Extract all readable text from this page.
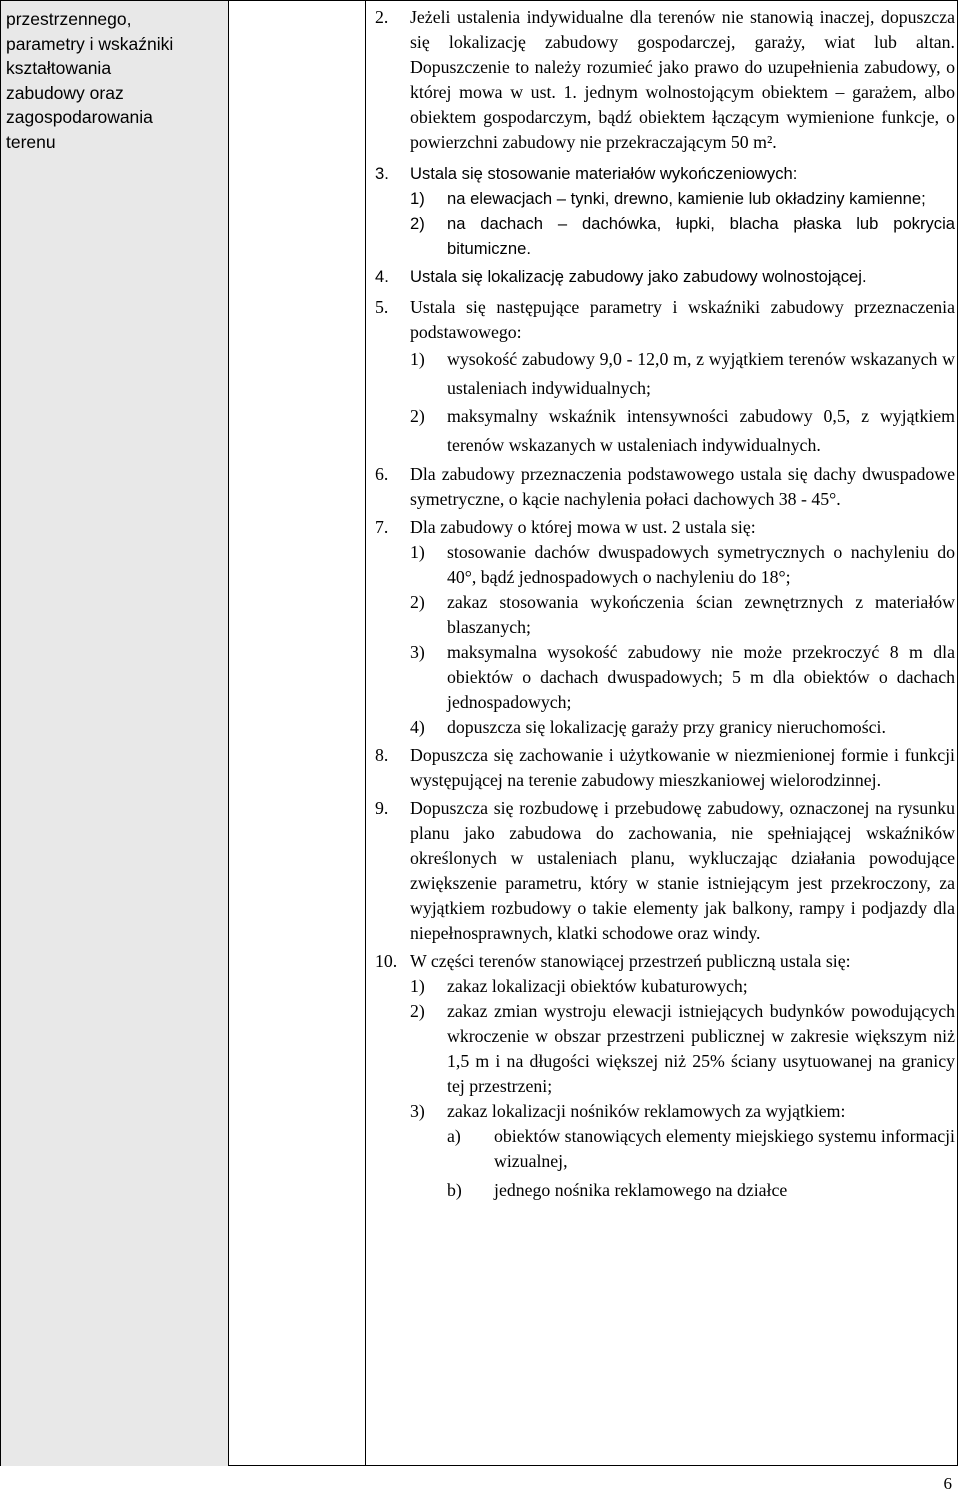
przestrzennego,
parametry i wskaźniki
kształtowania
zabudowy oraz
zagospodarowania
terenu
2. Jeżeli ustalenia indywidualne dla terenów nie stanowią inaczej, dopuszcza się lokalizację zabudowy gospodarczej, garaży, wiat lub altan. Dopuszczenie to należy rozumieć jako prawo do uzupełnienia zabudowy, o której mowa w ust. 1. jednym wolnostojącym obiektem – garażem, albo obiektem gospodarczym, bądź obiektem łączącym wymienione funkcje, o powierzchni zabudowy nie przekraczającym 50 m².
3. Ustala się stosowanie materiałów wykończeniowych:
1) na elewacjach – tynki, drewno, kamienie lub okładziny kamienne;
2) na dachach – dachówka, łupki, blacha płaska lub pokrycia bitumiczne.
4. Ustala się lokalizację zabudowy jako zabudowy wolnostojącej.
5. Ustala się następujące parametry i wskaźniki zabudowy przeznaczenia podstawowego:
1) wysokość zabudowy 9,0 - 12,0 m, z wyjątkiem terenów wskazanych w ustaleniach indywidualnych;
2) maksymalny wskaźnik intensywności zabudowy 0,5, z wyjątkiem terenów wskazanych w ustaleniach indywidualnych.
6. Dla zabudowy przeznaczenia podstawowego ustala się dachy dwuspadowe symetryczne, o kącie nachylenia połaci dachowych 38 - 45°.
7. Dla zabudowy o której mowa w ust. 2 ustala się:
1) stosowanie dachów dwuspadowych symetrycznych o nachyleniu do 40°, bądź jednospadowych o nachyleniu do 18°;
2) zakaz stosowania wykończenia ścian zewnętrznych z materiałów blaszanych;
3) maksymalna wysokość zabudowy nie może przekroczyć 8 m dla obiektów o dachach dwuspadowych; 5 m dla obiektów o dachach jednospadowych;
4) dopuszcza się lokalizację garaży przy granicy nieruchomości.
8. Dopuszcza się zachowanie i użytkowanie w niezmienionej formie i funkcji występującej na terenie zabudowy mieszkaniowej wielorodzinnej.
9. Dopuszcza się rozbudowę i przebudowę zabudowy, oznaczonej na rysunku planu jako zabudowa do zachowania, nie spełniającej wskaźników określonych w ustaleniach planu, wykluczając działania powodujące zwiększenie parametru, który w stanie istniejącym jest przekroczony, za wyjątkiem rozbudowy o takie elementy jak balkony, rampy i podjazdy dla niepełnosprawnych, klatki schodowe oraz windy.
10. W części terenów stanowiącej przestrzeń publiczną ustala się:
1) zakaz lokalizacji obiektów kubaturowych;
2) zakaz zmian wystroju elewacji istniejących budynków powodujących wkroczenie w obszar przestrzeni publicznej w zakresie większym niż 1,5 m i na długości większej niż 25% ściany usytuowanej na granicy tej przestrzeni;
3) zakaz lokalizacji nośników reklamowych za wyjątkiem:
a) obiektów stanowiących elementy miejskiego systemu informacji wizualnej,
b) jednego nośnika reklamowego na działce
6
